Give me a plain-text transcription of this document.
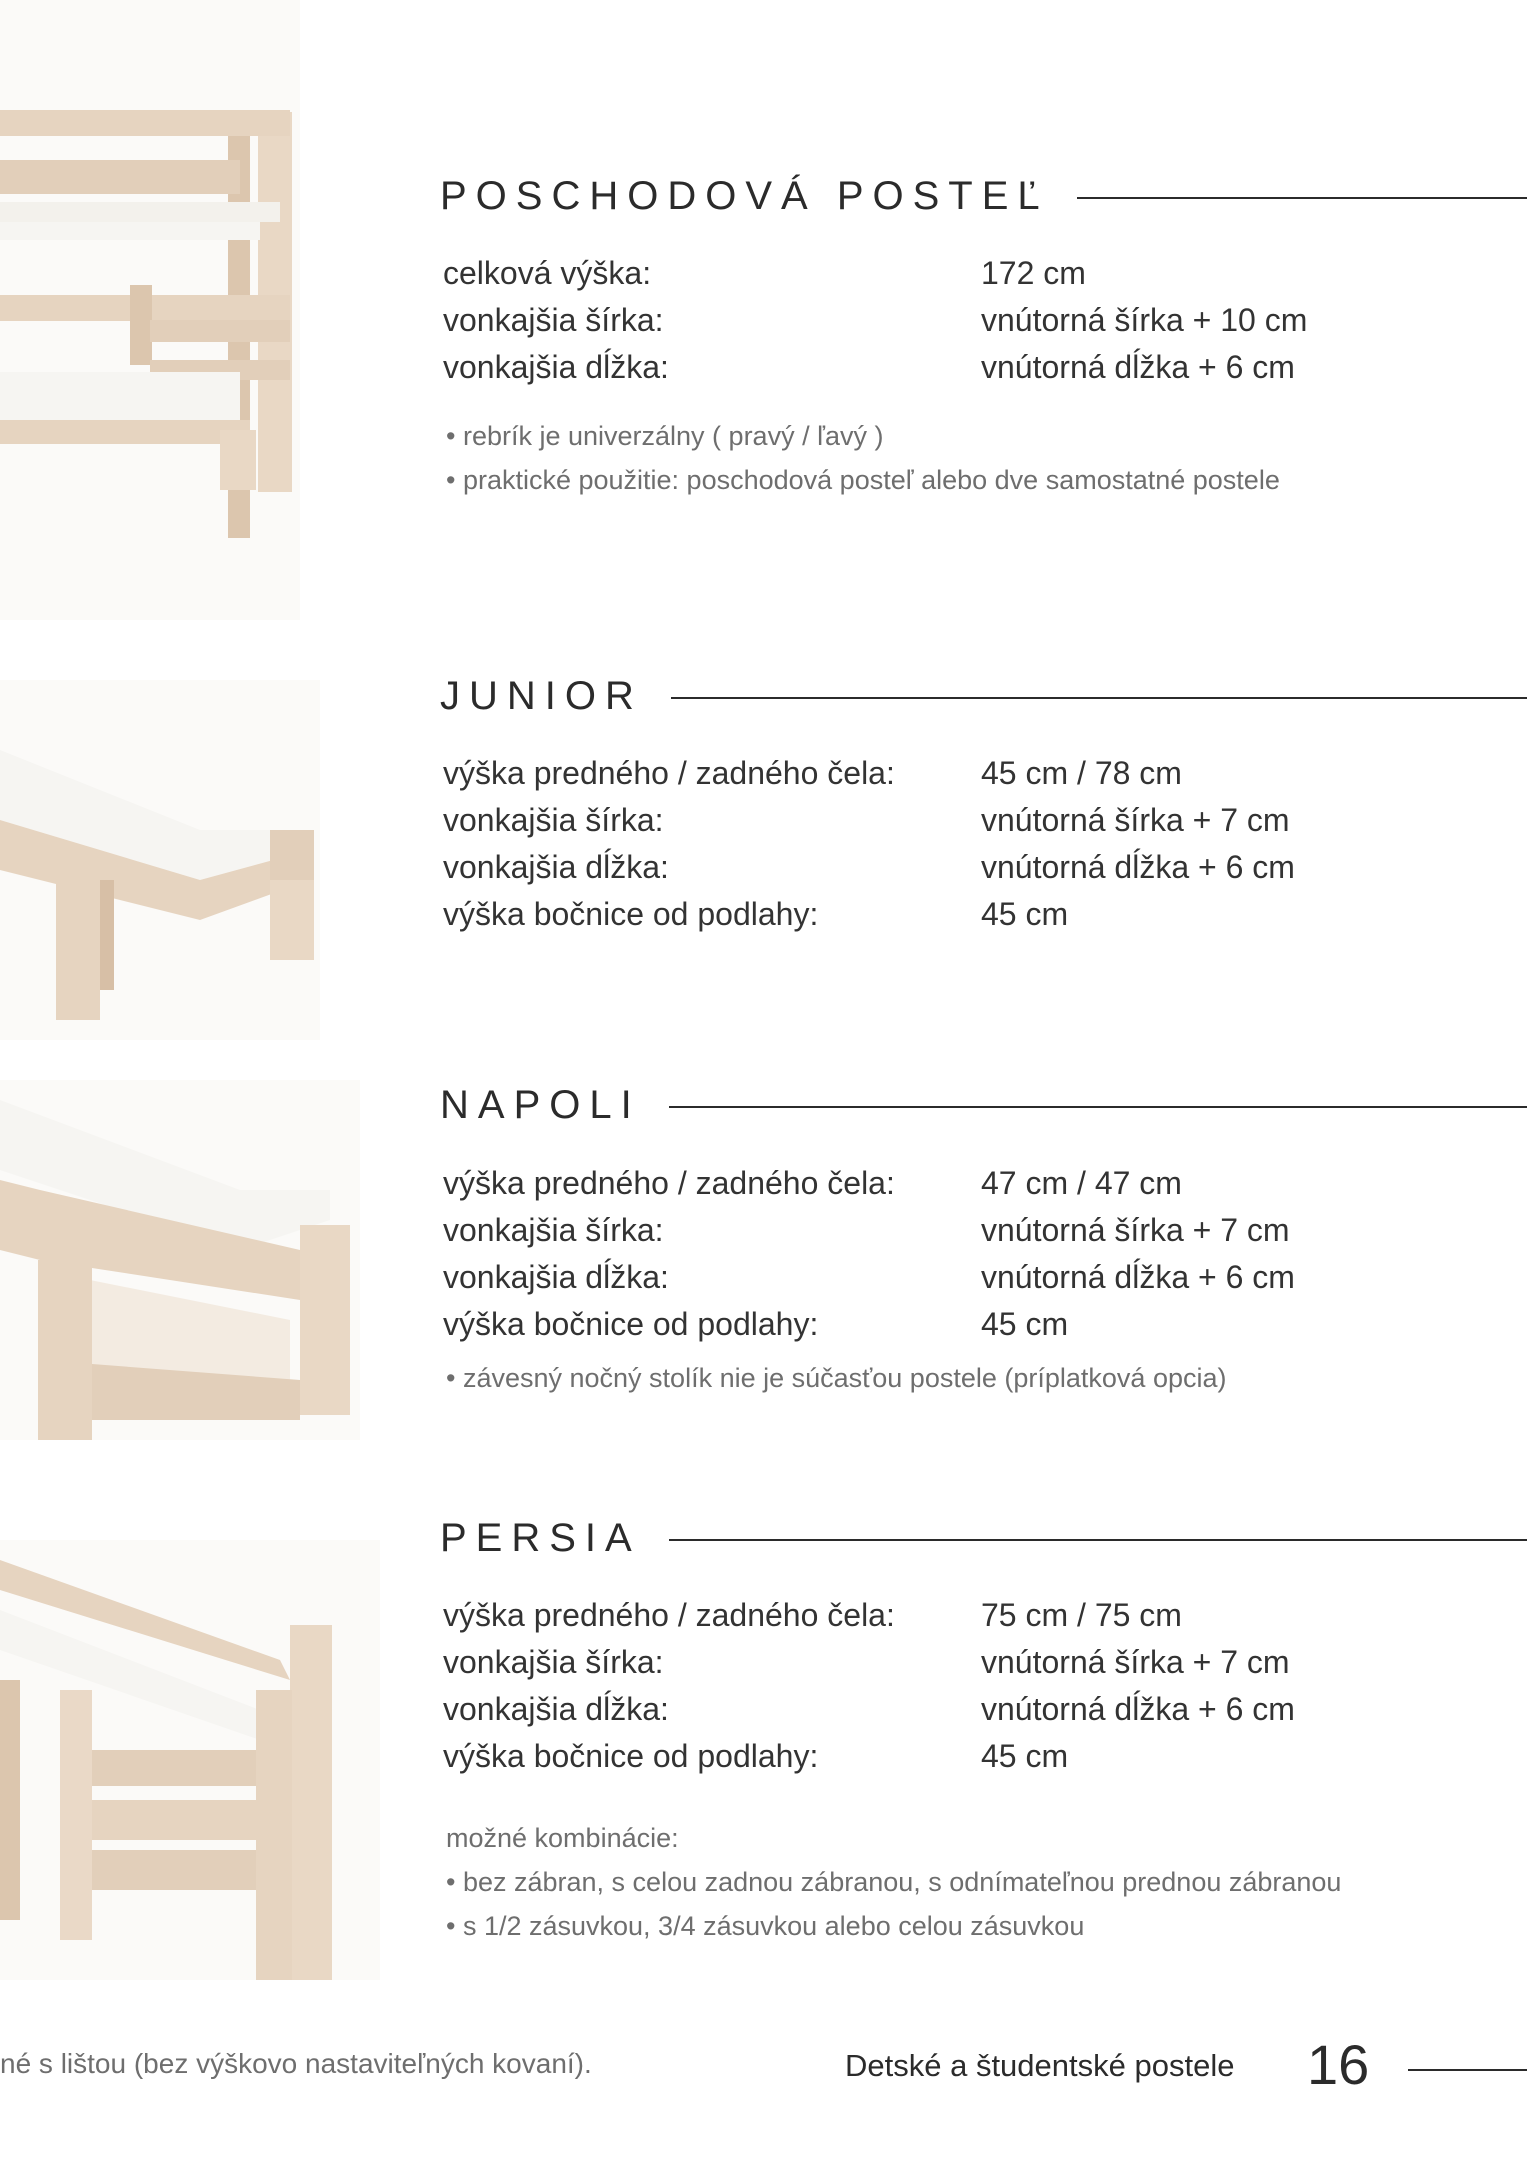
POSCHODOVÁ POSTEĽ
celková výška:	172 cm
vonkajšia šírka:	vnútorná šírka + 10 cm
vonkajšia dĺžka:	vnútorná dĺžka + 6 cm
• rebrík je univerzálny ( pravý / ľavý )
• praktické použitie: poschodová posteľ alebo dve samostatné postele
JUNIOR
výška predného / zadného čela:	45 cm / 78 cm
vonkajšia šírka:	vnútorná šírka + 7 cm
vonkajšia dĺžka:	vnútorná dĺžka + 6 cm
výška bočnice od podlahy:	45 cm
NAPOLI
výška predného / zadného čela:	47 cm / 47 cm
vonkajšia šírka:	vnútorná šírka + 7 cm
vonkajšia dĺžka:	vnútorná dĺžka + 6 cm
výška bočnice od podlahy:	45 cm
• závesný nočný stolík nie je súčasťou postele (príplatková opcia)
PERSIA
výška predného / zadného čela:	75 cm / 75 cm
vonkajšia šírka:	vnútorná šírka + 7 cm
vonkajšia dĺžka:	vnútorná dĺžka + 6 cm
výška bočnice od podlahy:	45 cm
možné kombinácie:
• bez zábran, s celou zadnou zábranou, s odnímateľnou prednou zábranou
• s 1/2 zásuvkou, 3/4 zásuvkou alebo celou zásuvkou
né s lištou (bez výškovo nastaviteľných kovaní).	Detské a študentské postele 16
